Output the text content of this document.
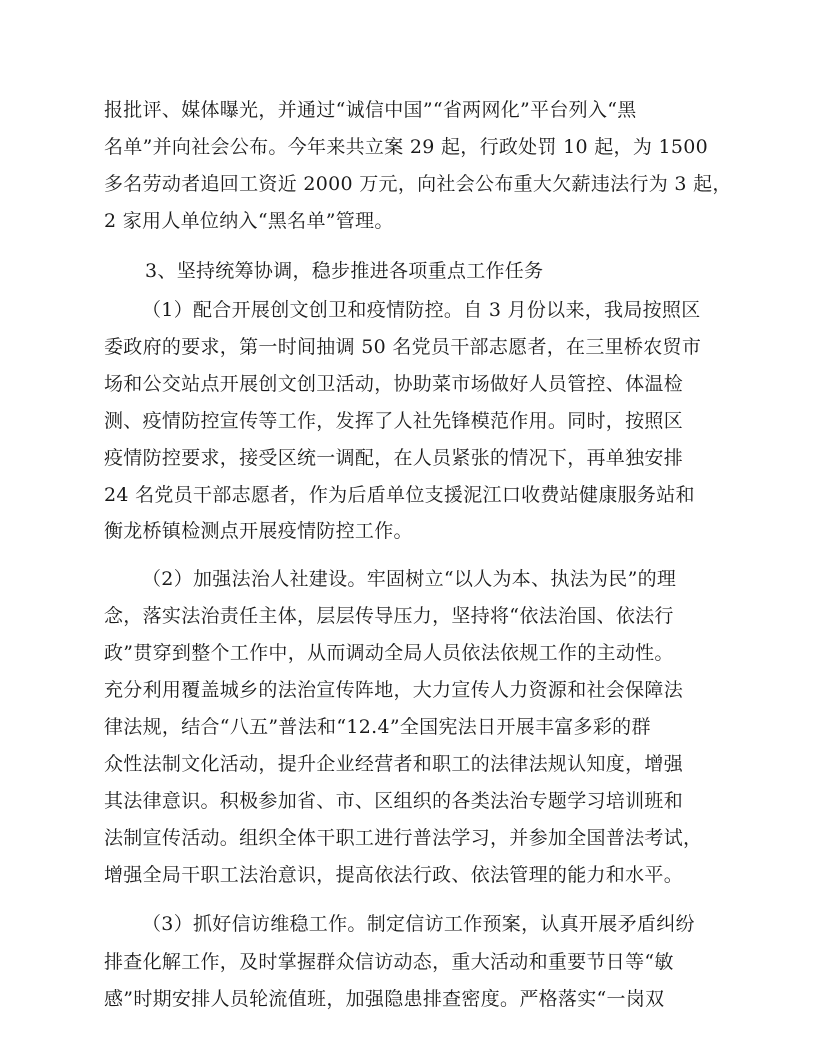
报批评、媒体曝光，并通过“诚信中国”“省两网化”平台列入“黑
名单”并向社会公布。今年来共立案 29 起，行政处罚 10 起，为 1500
多名劳动者追回工资近 2000 万元，向社会公布重大欠薪违法行为 3 起，
2 家用人单位纳入“黑名单”管理。
3、坚持统筹协调，稳步推进各项重点工作任务
（1）配合开展创文创卫和疫情防控。自 3 月份以来，我局按照区
委政府的要求，第一时间抽调 50 名党员干部志愿者，在三里桥农贸市
场和公交站点开展创文创卫活动，协助菜市场做好人员管控、体温检
测、疫情防控宣传等工作，发挥了人社先锋模范作用。同时，按照区
疫情防控要求，接受区统一调配，在人员紧张的情况下，再单独安排
24 名党员干部志愿者，作为后盾单位支援泥江口收费站健康服务站和
衡龙桥镇检测点开展疫情防控工作。
（2）加强法治人社建设。牢固树立“以人为本、执法为民”的理
念，落实法治责任主体，层层传导压力，坚持将“依法治国、依法行
政”贯穿到整个工作中，从而调动全局人员依法依规工作的主动性。
充分利用覆盖城乡的法治宣传阵地，大力宣传人力资源和社会保障法
律法规，结合“八五”普法和“12.4”全国宪法日开展丰富多彩的群
众性法制文化活动，提升企业经营者和职工的法律法规认知度，增强
其法律意识。积极参加省、市、区组织的各类法治专题学习培训班和
法制宣传活动。组织全体干职工进行普法学习，并参加全国普法考试，
增强全局干职工法治意识，提高依法行政、依法管理的能力和水平。
（3）抓好信访维稳工作。制定信访工作预案，认真开展矛盾纠纷
排查化解工作，及时掌握群众信访动态，重大活动和重要节日等“敏
感”时期安排人员轮流值班，加强隐患排查密度。严格落实“一岗双
